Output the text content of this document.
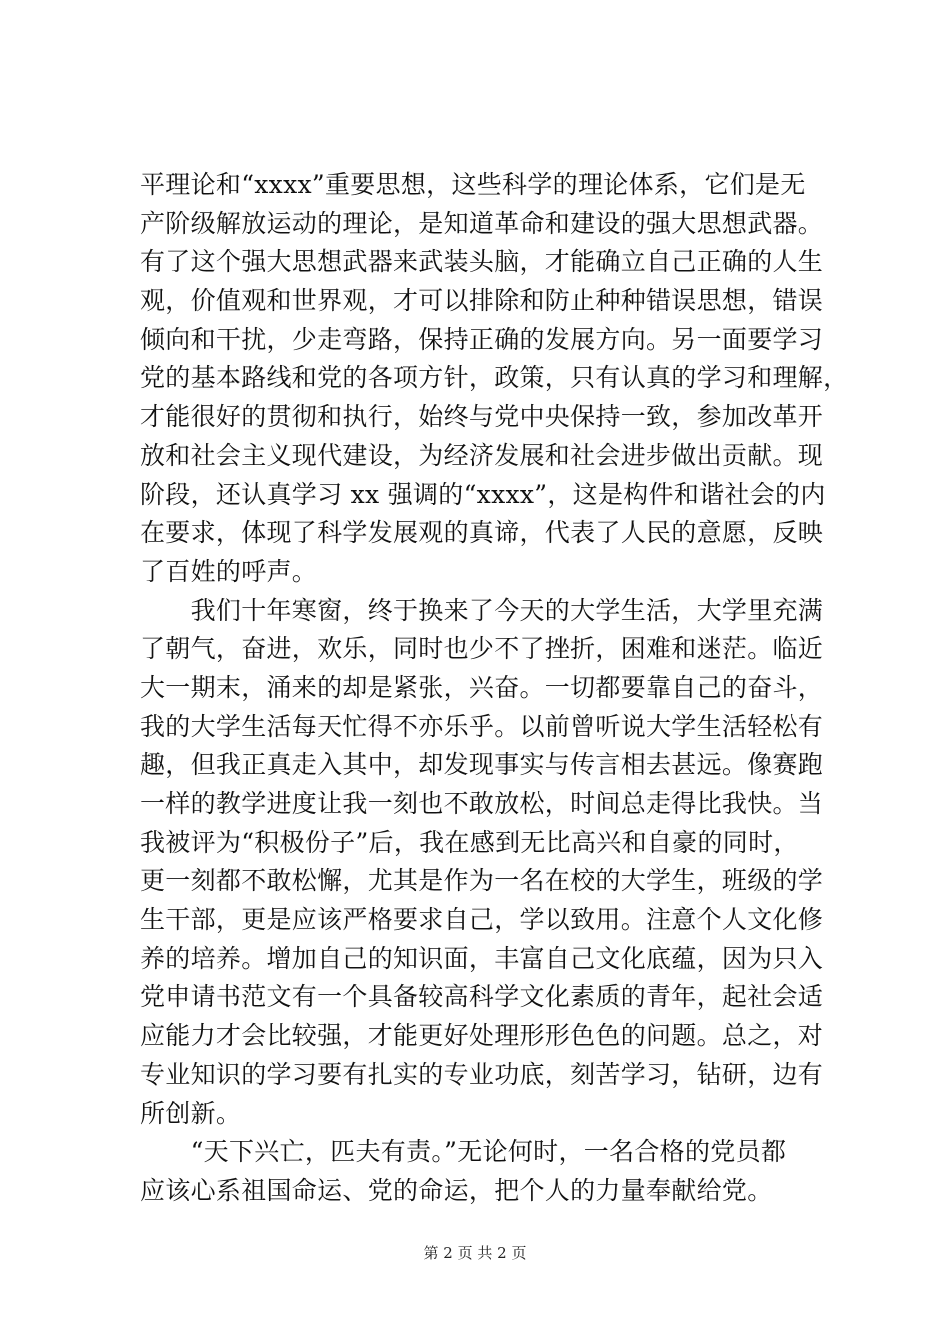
平理论和“xxxx”重要思想，这些科学的理论体系，它们是无
产阶级解放运动的理论，是知道革命和建设的强大思想武器。
有了这个强大思想武器来武装头脑，才能确立自己正确的人生
观，价值观和世界观，才可以排除和防止种种错误思想，错误
倾向和干扰，少走弯路，保持正确的发展方向。另一面要学习
党的基本路线和党的各项方针，政策，只有认真的学习和理解，
才能很好的贯彻和执行，始终与党中央保持一致，参加改革开
放和社会主义现代建设，为经济发展和社会进步做出贡献。现
阶段，还认真学习 xx 强调的“xxxx”，这是构件和谐社会的内
在要求，体现了科学发展观的真谛，代表了人民的意愿，反映
了百姓的呼声。
　　我们十年寒窗，终于换来了今天的大学生活，大学里充满
了朝气，奋进，欢乐，同时也少不了挫折，困难和迷茫。临近
大一期末，涌来的却是紧张，兴奋。一切都要靠自己的奋斗，
我的大学生活每天忙得不亦乐乎。以前曾听说大学生活轻松有
趣，但我正真走入其中，却发现事实与传言相去甚远。像赛跑
一样的教学进度让我一刻也不敢放松，时间总走得比我快。当
我被评为“积极份子”后，我在感到无比高兴和自豪的同时，
更一刻都不敢松懈，尤其是作为一名在校的大学生，班级的学
生干部，更是应该严格要求自己，学以致用。注意个人文化修
养的培养。增加自己的知识面，丰富自己文化底蕴，因为只入
党申请书范文有一个具备较高科学文化素质的青年，起社会适
应能力才会比较强，才能更好处理形形色色的问题。总之，对
专业知识的学习要有扎实的专业功底，刻苦学习，钻研，边有
所创新。
　　“天下兴亡，匹夫有责。”无论何时，一名合格的党员都
应该心系祖国命运、党的命运，把个人的力量奉献给党。
第 2 页 共 2 页
